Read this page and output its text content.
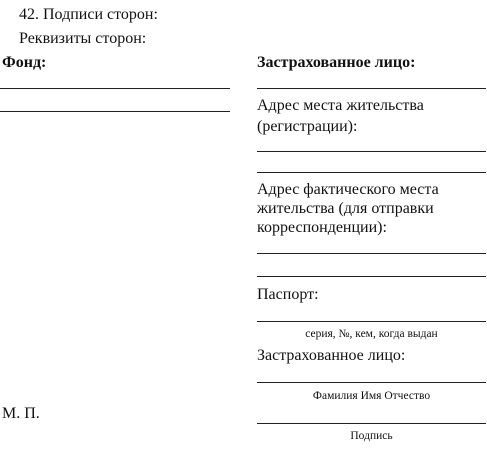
42. Подписи сторон:
Реквизиты сторон:
Фонд:
М. П.
Застрахованное лицо:
Адрес места жительства
(регистрации):
Адрес фактического места
жительства (для отправки
корреспонденции):
Паспорт:
серия, №, кем, когда выдан
Застрахованное лицо:
Фамилия Имя Отчество
Подпись
